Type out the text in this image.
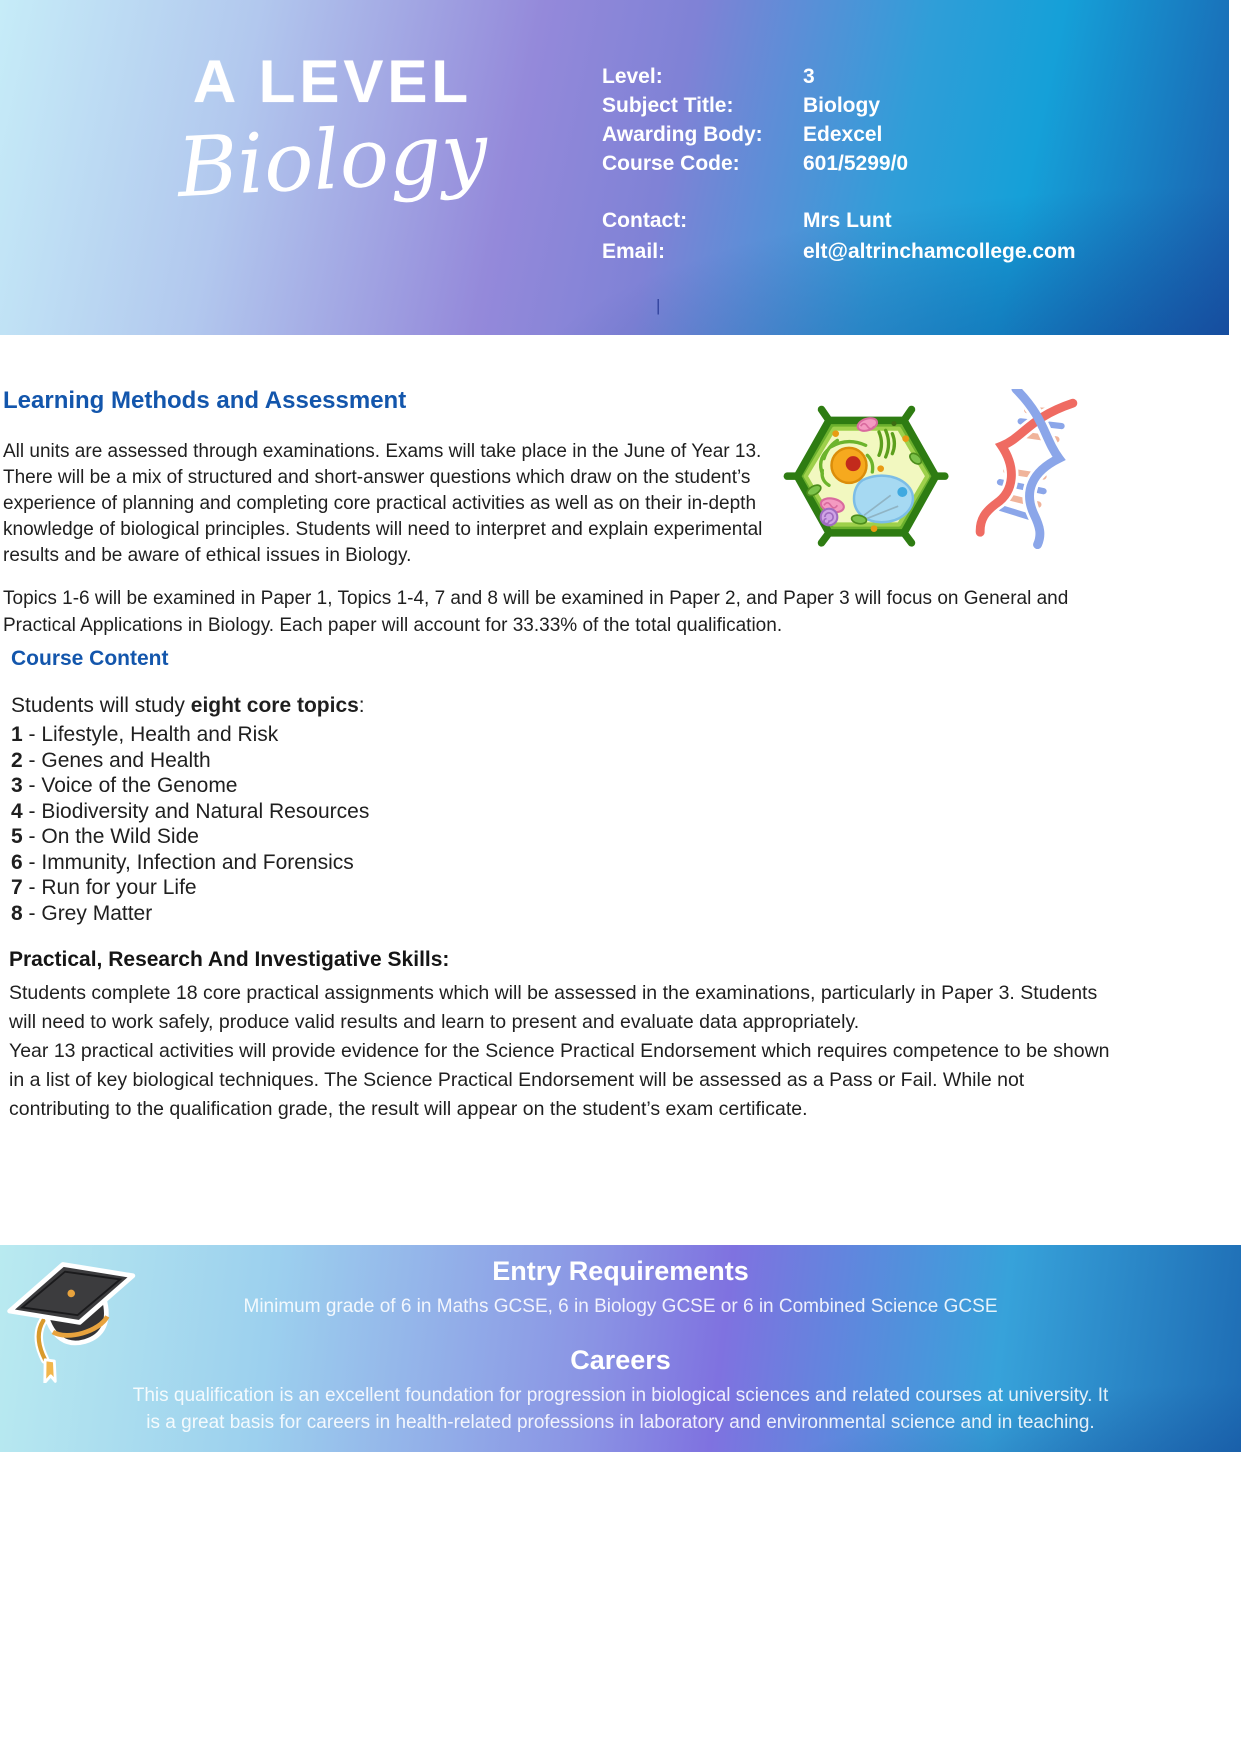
A LEVEL
Biology
Level:	3
Subject Title:	Biology
Awarding Body:	Edexcel
Course Code:	601/5299/0
Contact:	Mrs Lunt
Email:	elt@altrinchamcollege.com
|
Learning Methods and Assessment
All units are assessed through examinations. Exams will take place in the June of Year 13.
There will be a mix of structured and short-answer questions which draw on the student’s
experience of planning and completing core practical activities as well as on their in-depth
knowledge of biological principles. Students will need to interpret and explain experimental
results and be aware of ethical issues in Biology.
Topics 1-6 will be examined in Paper 1, Topics 1-4, 7 and 8 will be examined in Paper 2, and Paper 3 will focus on General and
Practical Applications in Biology. Each paper will account for 33.33% of the total qualification.
Course Content

Students will study eight core topics:

1 - Lifestyle, Health and Risk
2 - Genes and Health
3 - Voice of the Genome
4 - Biodiversity and Natural Resources
5 - On the Wild Side
6 - Immunity, Infection and Forensics
7 - Run for your Life
8 - Grey Matter
Practical, Research And Investigative Skills:
Students complete 18 core practical assignments which will be assessed in the examinations, particularly in Paper 3. Students
will need to work safely, produce valid results and learn to present and evaluate data appropriately.
Year 13 practical activities will provide evidence for the Science Practical Endorsement which requires competence to be shown
in a list of key biological techniques. The Science Practical Endorsement will be assessed as a Pass or Fail. While not
contributing to the qualification grade, the result will appear on the student’s exam certificate.
Entry Requirements

Minimum grade of 6 in Maths GCSE, 6 in Biology GCSE or 6 in Combined Science GCSE

Careers
This qualification is an excellent foundation for progression in biological sciences and related courses at university. It
is a great basis for careers in health-related professions in laboratory and environmental science and in teaching.
